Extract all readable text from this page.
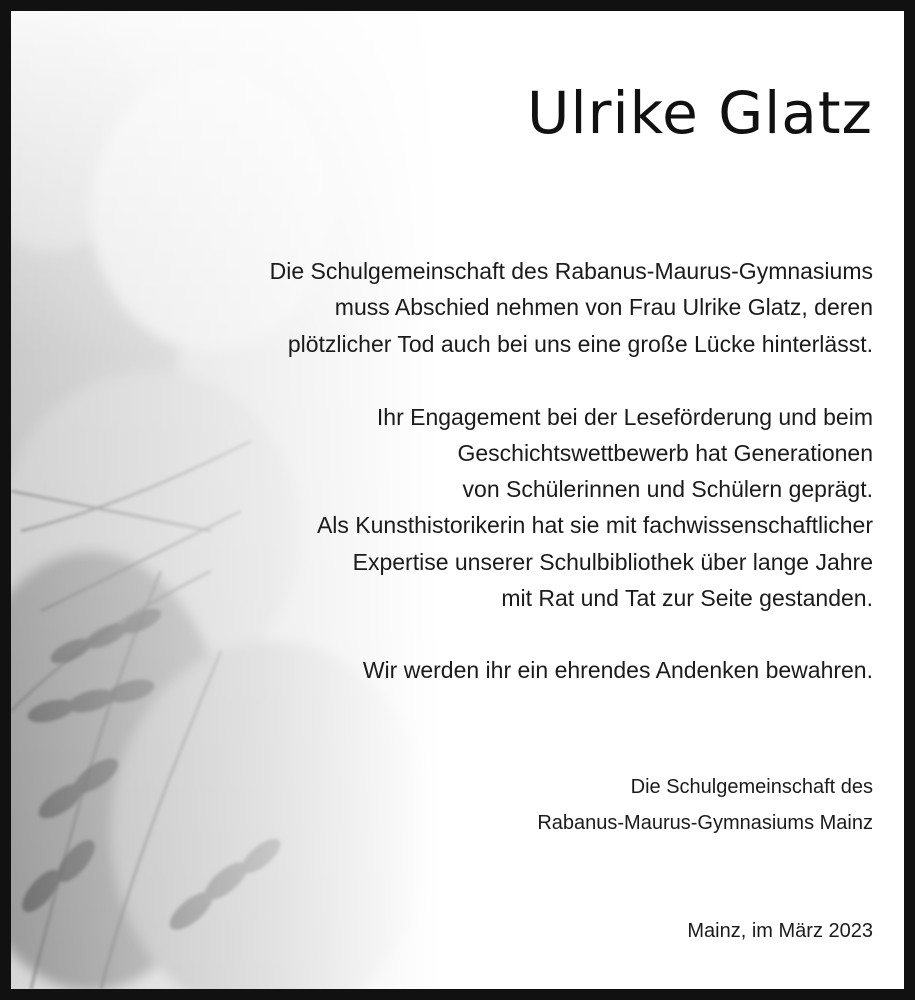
Ulrike Glatz
Die Schulgemeinschaft des Rabanus-Maurus-Gymnasiums
muss Abschied nehmen von Frau Ulrike Glatz, deren
plötzlicher Tod auch bei uns eine große Lücke hinterlässt.
Ihr Engagement bei der Leseförderung und beim
Geschichtswettbewerb hat Generationen
von Schülerinnen und Schülern geprägt.
Als Kunsthistorikerin hat sie mit fachwissenschaftlicher
Expertise unserer Schulbibliothek über lange Jahre
mit Rat und Tat zur Seite gestanden.
Wir werden ihr ein ehrendes Andenken bewahren.
Die Schulgemeinschaft des
Rabanus-Maurus-Gymnasiums Mainz
Mainz, im März 2023
